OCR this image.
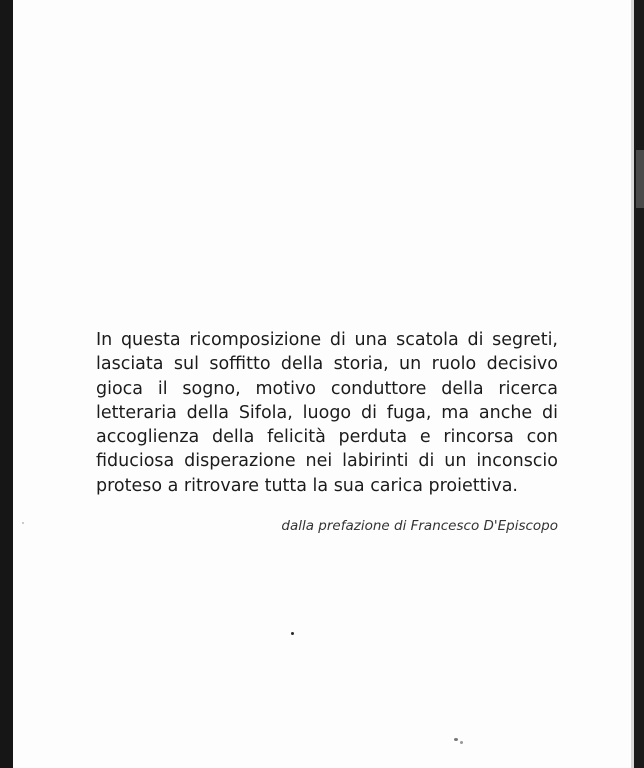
In questa ricomposizione di una scatola di segreti,
lasciata sul soffitto della storia, un ruolo decisivo
gioca il sogno, motivo conduttore della ricerca
letteraria della Sifola, luogo di fuga, ma anche di
accoglienza della felicità perduta e rincorsa con
fiduciosa disperazione nei labirinti di un inconscio
proteso a ritrovare tutta la sua carica proiettiva.

dalla prefazione di Francesco D'Episcopo
